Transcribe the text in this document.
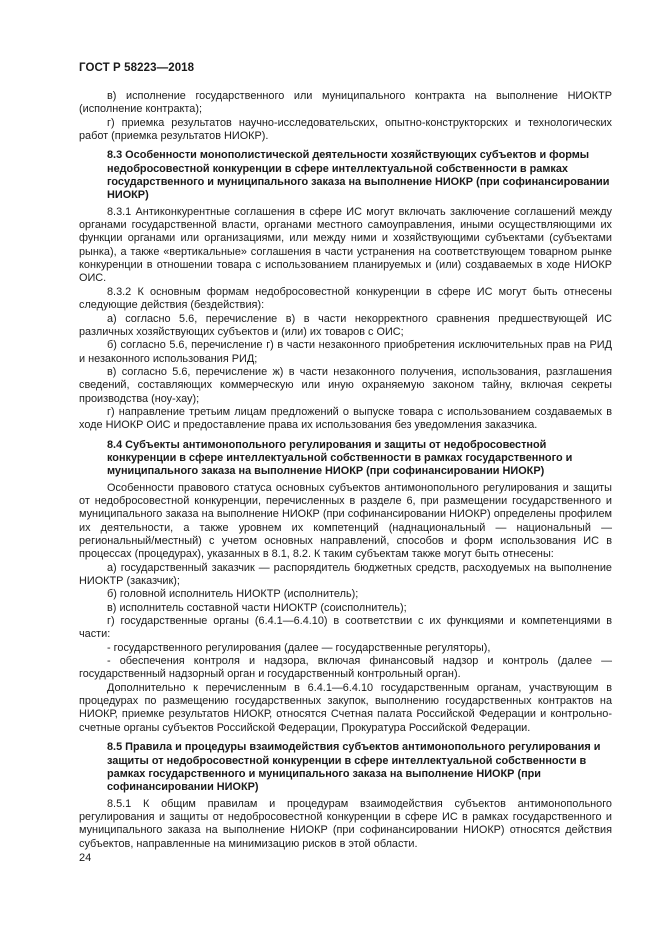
ГОСТ Р 58223—2018

в) исполнение государственного или муниципального контракта на выполнение НИОКТР (исполнение контракта);

г) приемка результатов научно-исследовательских, опытно-конструкторских и технологических работ (приемка результатов НИОКР).

8.3 Особенности монополистической деятельности хозяйствующих субъектов и формы недобросовестной конкуренции в сфере интеллектуальной собственности в рамках государственного и муниципального заказа на выполнение НИОКР (при софинансировании НИОКР)

8.3.1 Антиконкурентные соглашения в сфере ИС могут включать заключение соглашений между органами государственной власти, органами местного самоуправления, иными осуществляющими их функции органами или организациями, или между ними и хозяйствующими субъектами (субъектами рынка), а также «вертикальные» соглашения в части устранения на соответствующем товарном рынке конкуренции в отношении товара с использованием планируемых и (или) создаваемых в ходе НИОКР ОИС.

8.3.2 К основным формам недобросовестной конкуренции в сфере ИС могут быть отнесены следующие действия (бездействия):

а) согласно 5.6, перечисление в) в части некорректного сравнения предшествующей ИС различных хозяйствующих субъектов и (или) их товаров с ОИС;

б) согласно 5.6, перечисление г) в части незаконного приобретения исключительных прав на РИД и незаконного использования РИД;

в) согласно 5.6, перечисление ж) в части незаконного получения, использования, разглашения сведений, составляющих коммерческую или иную охраняемую законом тайну, включая секреты производства (ноу-хау);

г) направление третьим лицам предложений о выпуске товара с использованием создаваемых в ходе НИОКР ОИС и предоставление права их использования без уведомления заказчика.

8.4 Субъекты антимонопольного регулирования и защиты от недобросовестной конкуренции в сфере интеллектуальной собственности в рамках государственного и муниципального заказа на выполнение НИОКР (при софинансировании НИОКР)

Особенности правового статуса основных субъектов антимонопольного регулирования и защиты от недобросовестной конкуренции, перечисленных в разделе 6, при размещении государственного и муниципального заказа на выполнение НИОКР (при софинансировании НИОКР) определены профилем их деятельности, а также уровнем их компетенций (наднациональный — национальный — региональный/местный) с учетом основных направлений, способов и форм использования ИС в процессах (процедурах), указанных в 8.1, 8.2. К таким субъектам также могут быть отнесены:

а) государственный заказчик — распорядитель бюджетных средств, расходуемых на выполнение НИОКТР (заказчик);

б) головной исполнитель НИОКТР (исполнитель);

в) исполнитель составной части НИОКТР (соисполнитель);

г) государственные органы (6.4.1—6.4.10) в соответствии с их функциями и компетенциями в части:

- государственного регулирования (далее — государственные регуляторы),

- обеспечения контроля и надзора, включая финансовый надзор и контроль (далее — государственный надзорный орган и государственный контрольный орган).

Дополнительно к перечисленным в 6.4.1—6.4.10 государственным органам, участвующим в процедурах по размещению государственных закупок, выполнению государственных контрактов на НИОКР, приемке результатов НИОКР, относятся Счетная палата Российской Федерации и контрольно-счетные органы субъектов Российской Федерации, Прокуратура Российской Федерации.

8.5 Правила и процедуры взаимодействия субъектов антимонопольного регулирования и защиты от недобросовестной конкуренции в сфере интеллектуальной собственности в рамках государственного и муниципального заказа на выполнение НИОКР (при софинансировании НИОКР)

8.5.1 К общим правилам и процедурам взаимодействия субъектов антимонопольного регулирования и защиты от недобросовестной конкуренции в сфере ИС в рамках государственного и муниципального заказа на выполнение НИОКР (при софинансировании НИОКР) относятся действия субъектов, направленные на минимизацию рисков в этой области.

24
